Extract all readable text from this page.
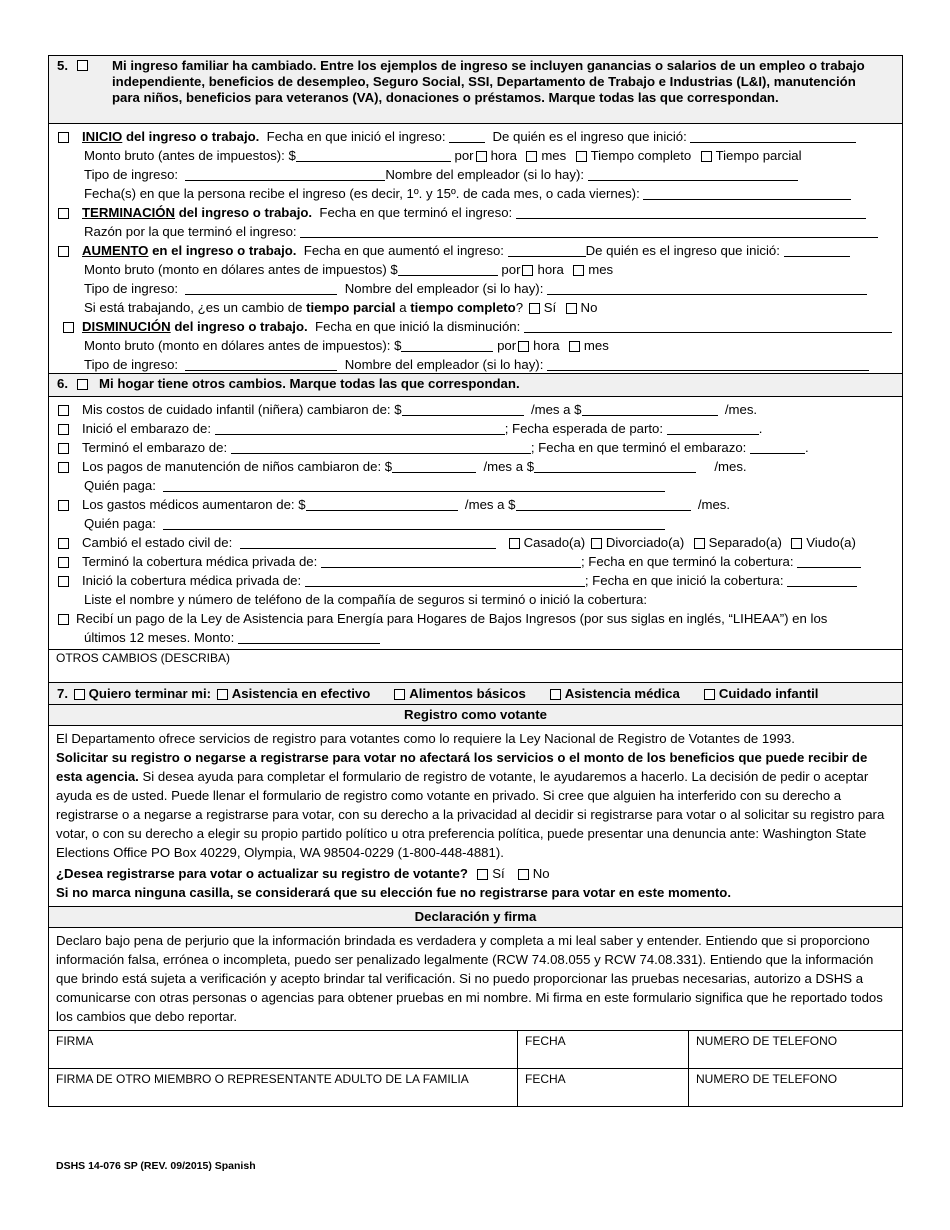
5.	Mi ingreso familiar ha cambiado. Entre los ejemplos de ingreso se incluyen ganancias o salarios de un empleo o trabajo independiente, beneficios de desempleo, Seguro Social, SSI, Departamento de Trabajo e Industrias (L&I), manutención para niños, beneficios para veteranos (VA), donaciones o préstamos. Marque todas las que correspondan.
INICIO del ingreso o trabajo. Fecha en que inició el ingreso:	De quién es el ingreso que inició:
Monto bruto (antes de impuestos): $	por hora mes Tiempo completo Tiempo parcial
Tipo de ingreso:	Nombre del empleador (si lo hay):
Fecha(s) en que la persona recibe el ingreso (es decir, 1º. y 15º. de cada mes, o cada viernes):
TERMINACIÓN del ingreso o trabajo. Fecha en que terminó el ingreso:
Razón por la que terminó el ingreso:
AUMENTO en el ingreso o trabajo. Fecha en que aumentó el ingreso:	De quién es el ingreso que inició:
Monto bruto (monto en dólares antes de impuestos) $	por hora mes
Tipo de ingreso:	Nombre del empleador (si lo hay):
Si está trabajando, ¿es un cambio de tiempo parcial a tiempo completo? Sí No
DISMINUCIÓN del ingreso o trabajo. Fecha en que inició la disminución:
Monto bruto (monto en dólares antes de impuestos): $	por hora mes
Tipo de ingreso:	Nombre del empleador (si lo hay):
6. Mi hogar tiene otros cambios. Marque todas las que correspondan.
Mis costos de cuidado infantil (niñera) cambiaron de: $	/mes a $	/mes.
Inició el embarazo de:	; Fecha esperada de parto:	.
Terminó el embarazo de:	; Fecha en que terminó el embarazo:	.
Los pagos de manutención de niños cambiaron de: $	/mes a $	/mes.
Quién paga:
Los gastos médicos aumentaron de: $	/mes a $	/mes.
Quién paga:
Cambió el estado civil de:	Casado(a) Divorciado(a) Separado(a) Viudo(a)
Terminó la cobertura médica privada de:	; Fecha en que terminó la cobertura:
Inició la cobertura médica privada de:	; Fecha en que inició la cobertura:
Liste el nombre y número de teléfono de la compañía de seguros si terminó o inició la cobertura:
Recibí un pago de la Ley de Asistencia para Energía para Hogares de Bajos Ingresos (por sus siglas en inglés, “LIHEAA”) en los
últimos 12 meses. Monto:
OTROS CAMBIOS (DESCRIBA)
7. Quiero terminar mi: Asistencia en efectivo	Alimentos básicos	Asistencia médica	Cuidado infantil
Registro como votante
El Departamento ofrece servicios de registro para votantes como lo requiere la Ley Nacional de Registro de Votantes de 1993.
Solicitar su registro o negarse a registrarse para votar no afectará los servicios o el monto de los beneficios que puede recibir de esta agencia. Si desea ayuda para completar el formulario de registro de votante, le ayudaremos a hacerlo. La decisión de pedir o aceptar ayuda es de usted. Puede llenar el formulario de registro como votante en privado. Si cree que alguien ha interferido con su derecho a registrarse o a negarse a registrarse para votar, con su derecho a la privacidad al decidir si registrarse para votar o al solicitar su registro para votar, o con su derecho a elegir su propio partido político u otra preferencia política, puede presentar una denuncia ante: Washington State Elections Office PO Box 40229, Olympia, WA 98504-0229 (1-800-448-4881).
¿Desea registrarse para votar o actualizar su registro de votante? Sí No
Si no marca ninguna casilla, se considerará que su elección fue no registrarse para votar en este momento.
Declaración y firma
Declaro bajo pena de perjurio que la información brindada es verdadera y completa a mi leal saber y entender. Entiendo que si proporciono información falsa, errónea o incompleta, puedo ser penalizado legalmente (RCW 74.08.055 y RCW 74.08.331). Entiendo que la información que brindo está sujeta a verificación y acepto brindar tal verificación. Si no puedo proporcionar las pruebas necesarias, autorizo a DSHS a comunicarse con otras personas o agencias para obtener pruebas en mi nombre. Mi firma en este formulario significa que he reportado todos los cambios que debo reportar.
FIRMA	FECHA	NUMERO DE TELEFONO
FIRMA DE OTRO MIEMBRO O REPRESENTANTE ADULTO DE LA FAMILIA	FECHA	NUMERO DE TELEFONO
DSHS 14-076 SP (REV. 09/2015) Spanish
